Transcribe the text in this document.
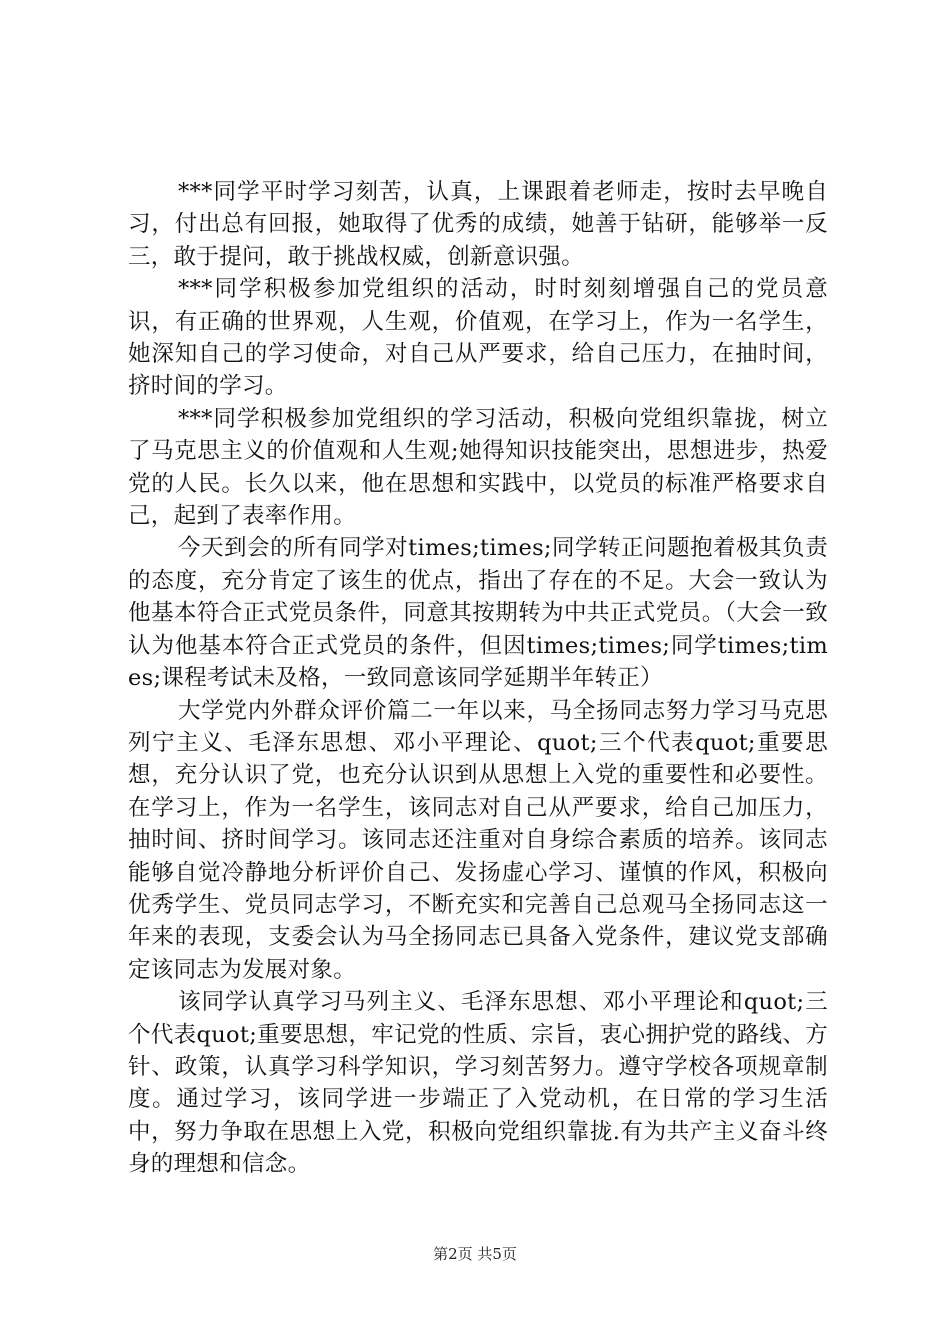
***同学平时学习刻苦，认真，上课跟着老师走，按时去早晚自习，付出总有回报，她取得了优秀的成绩，她善于钻研，能够举一反三，敢于提问，敢于挑战权威，创新意识强。

***同学积极参加党组织的活动，时时刻刻增强自己的党员意识，有正确的世界观，人生观，价值观，在学习上，作为一名学生，她深知自己的学习使命，对自己从严要求，给自己压力，在抽时间，挤时间的学习。

***同学积极参加党组织的学习活动，积极向党组织靠拢，树立了马克思主义的价值观和人生观;她得知识技能突出，思想进步，热爱党的人民。长久以来，他在思想和实践中，以党员的标准严格要求自己，起到了表率作用。

今天到会的所有同学对times;times;同学转正问题抱着极其负责的态度，充分肯定了该生的优点，指出了存在的不足。大会一致认为他基本符合正式党员条件，同意其按期转为中共正式党员。（大会一致认为他基本符合正式党员的条件，但因times;times;同学times;times;课程考试未及格，一致同意该同学延期半年转正）

大学党内外群众评价篇二一年以来，马全扬同志努力学习马克思列宁主义、毛泽东思想、邓小平理论、quot;三个代表quot;重要思想，充分认识了党，也充分认识到从思想上入党的重要性和必要性。在学习上，作为一名学生，该同志对自己从严要求，给自己加压力，抽时间、挤时间学习。该同志还注重对自身综合素质的培养。该同志能够自觉冷静地分析评价自己、发扬虚心学习、谨慎的作风，积极向优秀学生、党员同志学习，不断充实和完善自己总观马全扬同志这一年来的表现，支委会认为马全扬同志已具备入党条件，建议党支部确定该同志为发展对象。

该同学认真学习马列主义、毛泽东思想、邓小平理论和quot;三个代表quot;重要思想，牢记党的性质、宗旨，衷心拥护党的路线、方针、政策，认真学习科学知识，学习刻苦努力。遵守学校各项规章制度。通过学习，该同学进一步端正了入党动机，在日常的学习生活中，努力争取在思想上入党，积极向党组织靠拢.有为共产主义奋斗终身的理想和信念。

第2页 共5页
